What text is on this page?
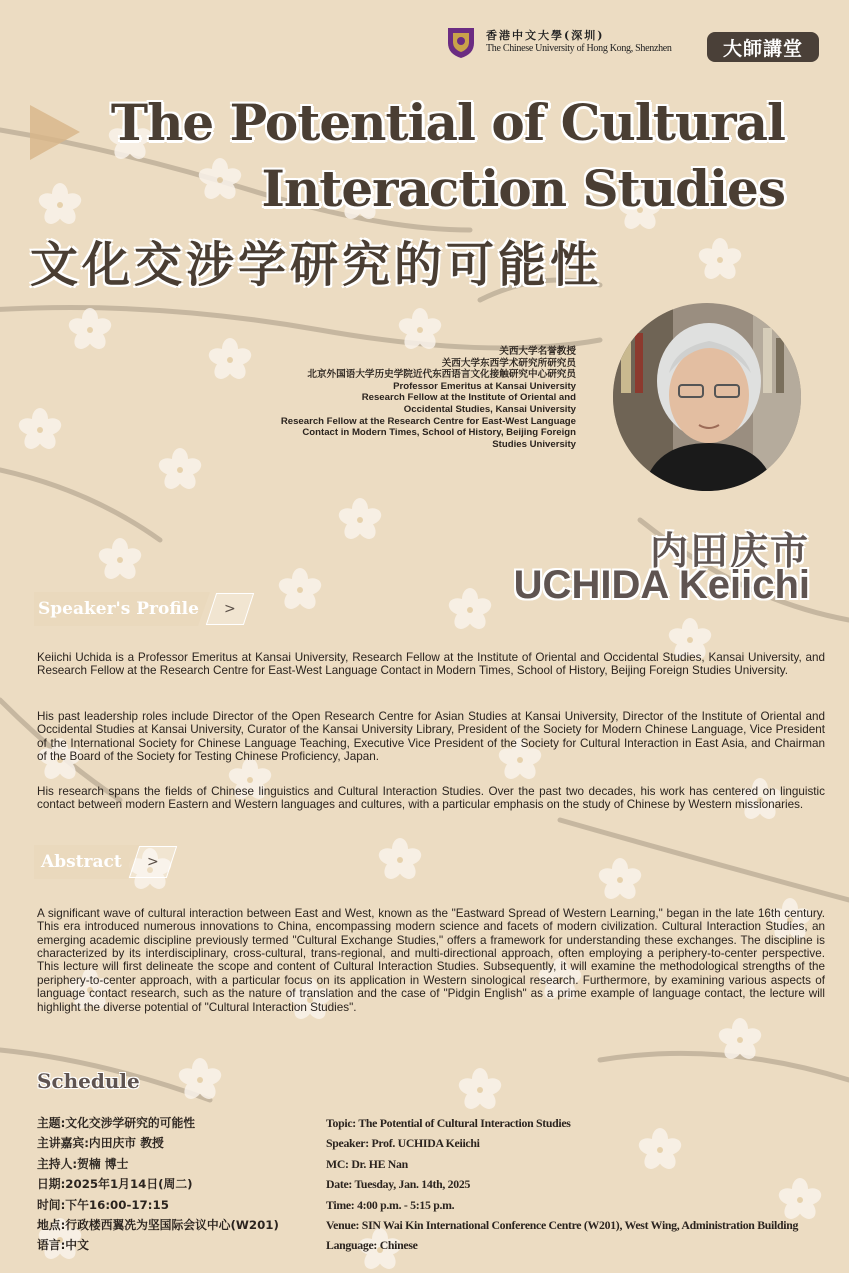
香港中文大學(深圳)
The Chinese University of Hong Kong, Shenzhen	大師講堂
The Potential of Cultural
Interaction Studies
文化交涉学研究的可能性
关西大学名誉教授
关西大学东西学术研究所研究员
北京外国语大学历史学院近代东西语言文化接触研究中心研究员
Professor Emeritus at Kansai University
Research Fellow at the Institute of Oriental and
Occidental Studies, Kansai University
Research Fellow at the Research Centre for East-West Language
Contact in Modern Times, School of History, Beijing Foreign
Studies University
内田庆市
UCHIDA Keiichi
Speaker's Profile >

Keiichi Uchida is a Professor Emeritus at Kansai University, Research Fellow at the Institute of Oriental and Occidental Studies, Kansai University, and Research Fellow at the Research Centre for East-West Language Contact in Modern Times, School of History, Beijing Foreign Studies University.

His past leadership roles include Director of the Open Research Centre for Asian Studies at Kansai University, Director of the Institute of Oriental and Occidental Studies at Kansai University, Curator of the Kansai University Library, President of the Society for Modern Chinese Language, Vice President of the International Society for Chinese Language Teaching, Executive Vice President of the Society for Cultural Interaction in East Asia, and Chairman of the Board of the Society for Testing Chinese Proficiency, Japan.

His research spans the fields of Chinese linguistics and Cultural Interaction Studies. Over the past two decades, his work has centered on linguistic contact between modern Eastern and Western languages and cultures, with a particular emphasis on the study of Chinese by Western missionaries.

Abstract >

A significant wave of cultural interaction between East and West, known as the "Eastward Spread of Western Learning," began in the late 16th century. This era introduced numerous innovations to China, encompassing modern science and facets of modern civilization. Cultural Interaction Studies, an emerging academic discipline previously termed "Cultural Exchange Studies," offers a framework for understanding these exchanges. The discipline is characterized by its interdisciplinary, cross-cultural, trans-regional, and multi-directional approach, often employing a periphery-to-center perspective. This lecture will first delineate the scope and content of Cultural Interaction Studies. Subsequently, it will examine the methodological strengths of the periphery-to-center approach, with a particular focus on its application in Western sinological research. Furthermore, by examining various aspects of language contact research, such as the nature of translation and the case of "Pidgin English" as a prime example of language contact, the lecture will highlight the diverse potential of "Cultural Interaction Studies".

Schedule
主题:文化交涉学研究的可能性
主讲嘉宾:内田庆市 教授
主持人:贺楠 博士
日期:2025年1月14日(周二)
时间:下午16:00-17:15
地点:行政楼西翼冼为坚国际会议中心(W201)
语言:中文
Topic: The Potential of Cultural Interaction Studies
Speaker: Prof. UCHIDA Keiichi
MC: Dr. HE Nan
Date: Tuesday, Jan. 14th, 2025
Time: 4:00 p.m. - 5:15 p.m.
Venue: SIN Wai Kin International Conference Centre (W201), West Wing, Administration Building
Language: Chinese
